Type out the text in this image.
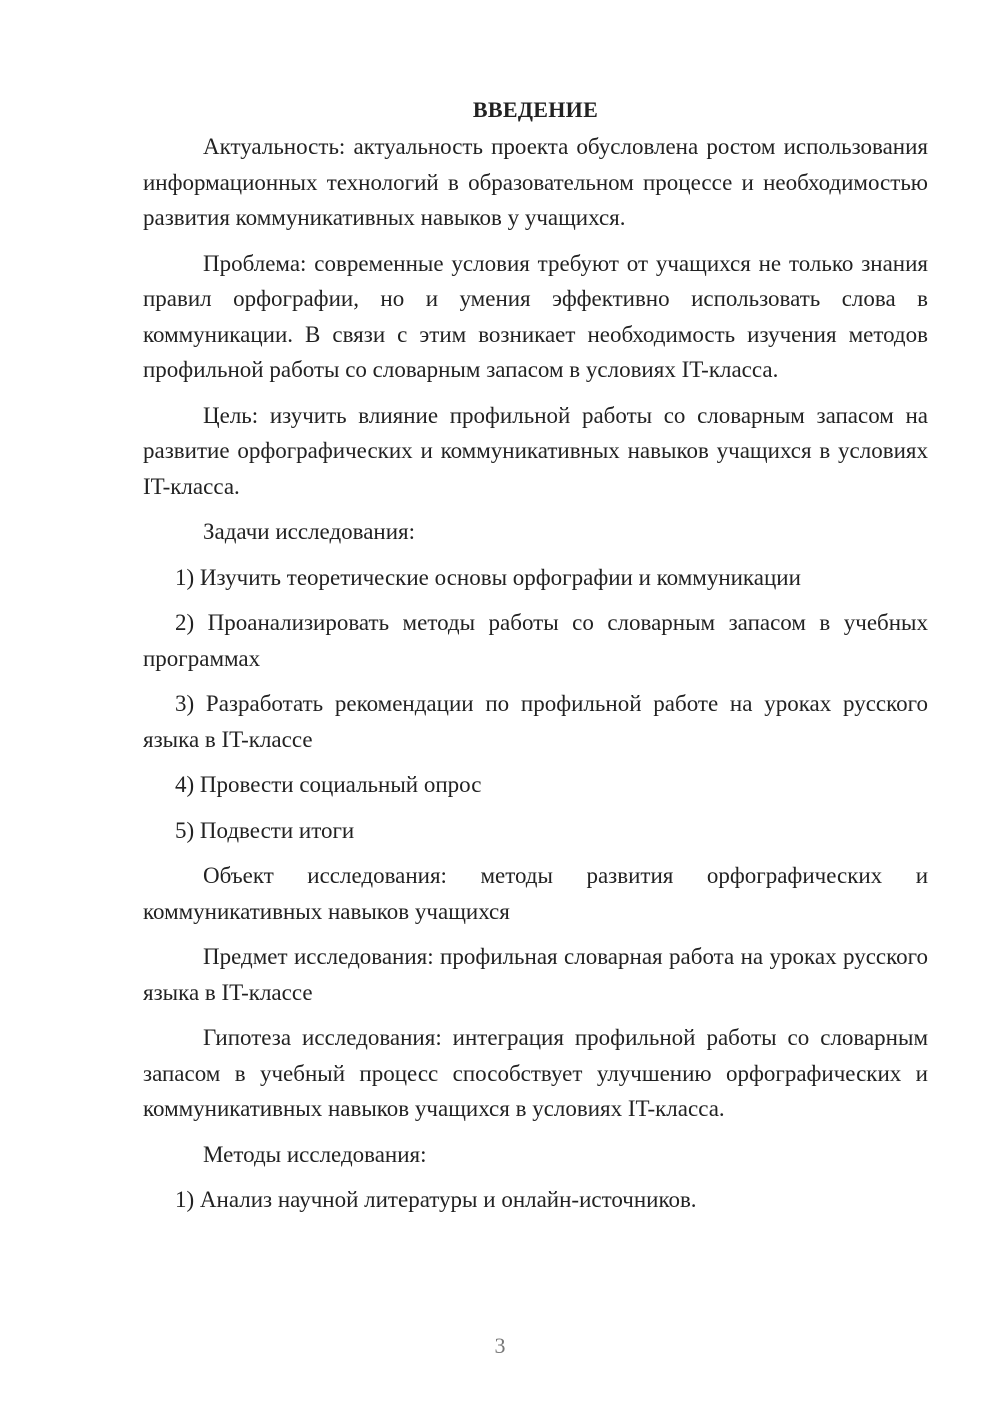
ВВЕДЕНИЕ

Актуальность: актуальность проекта обусловлена ростом использования информационных технологий в образовательном процессе и необходимостью развития коммуникативных навыков у учащихся.

Проблема: современные условия требуют от учащихся не только знания правил орфографии, но и умения эффективно использовать слова в коммуникации. В связи с этим возникает необходимость изучения методов профильной работы со словарным запасом в условиях IT-класса.

Цель: изучить влияние профильной работы со словарным запасом на развитие орфографических и коммуникативных навыков учащихся в условиях IT-класса.

Задачи исследования:

1) Изучить теоретические основы орфографии и коммуникации

2) Проанализировать методы работы со словарным запасом в учебных программах

3) Разработать рекомендации по профильной работе на уроках русского языка в IT-классе

4) Провести социальный опрос

5) Подвести итоги

Объект исследования: методы развития орфографических и коммуникативных навыков учащихся

Предмет исследования: профильная словарная работа на уроках русского языка в IT-классе

Гипотеза исследования: интеграция профильной работы со словарным запасом в учебный процесс способствует улучшению орфографических и коммуникативных навыков учащихся в условиях IT-класса.

Методы исследования:

1) Анализ научной литературы и онлайн-источников.

3
